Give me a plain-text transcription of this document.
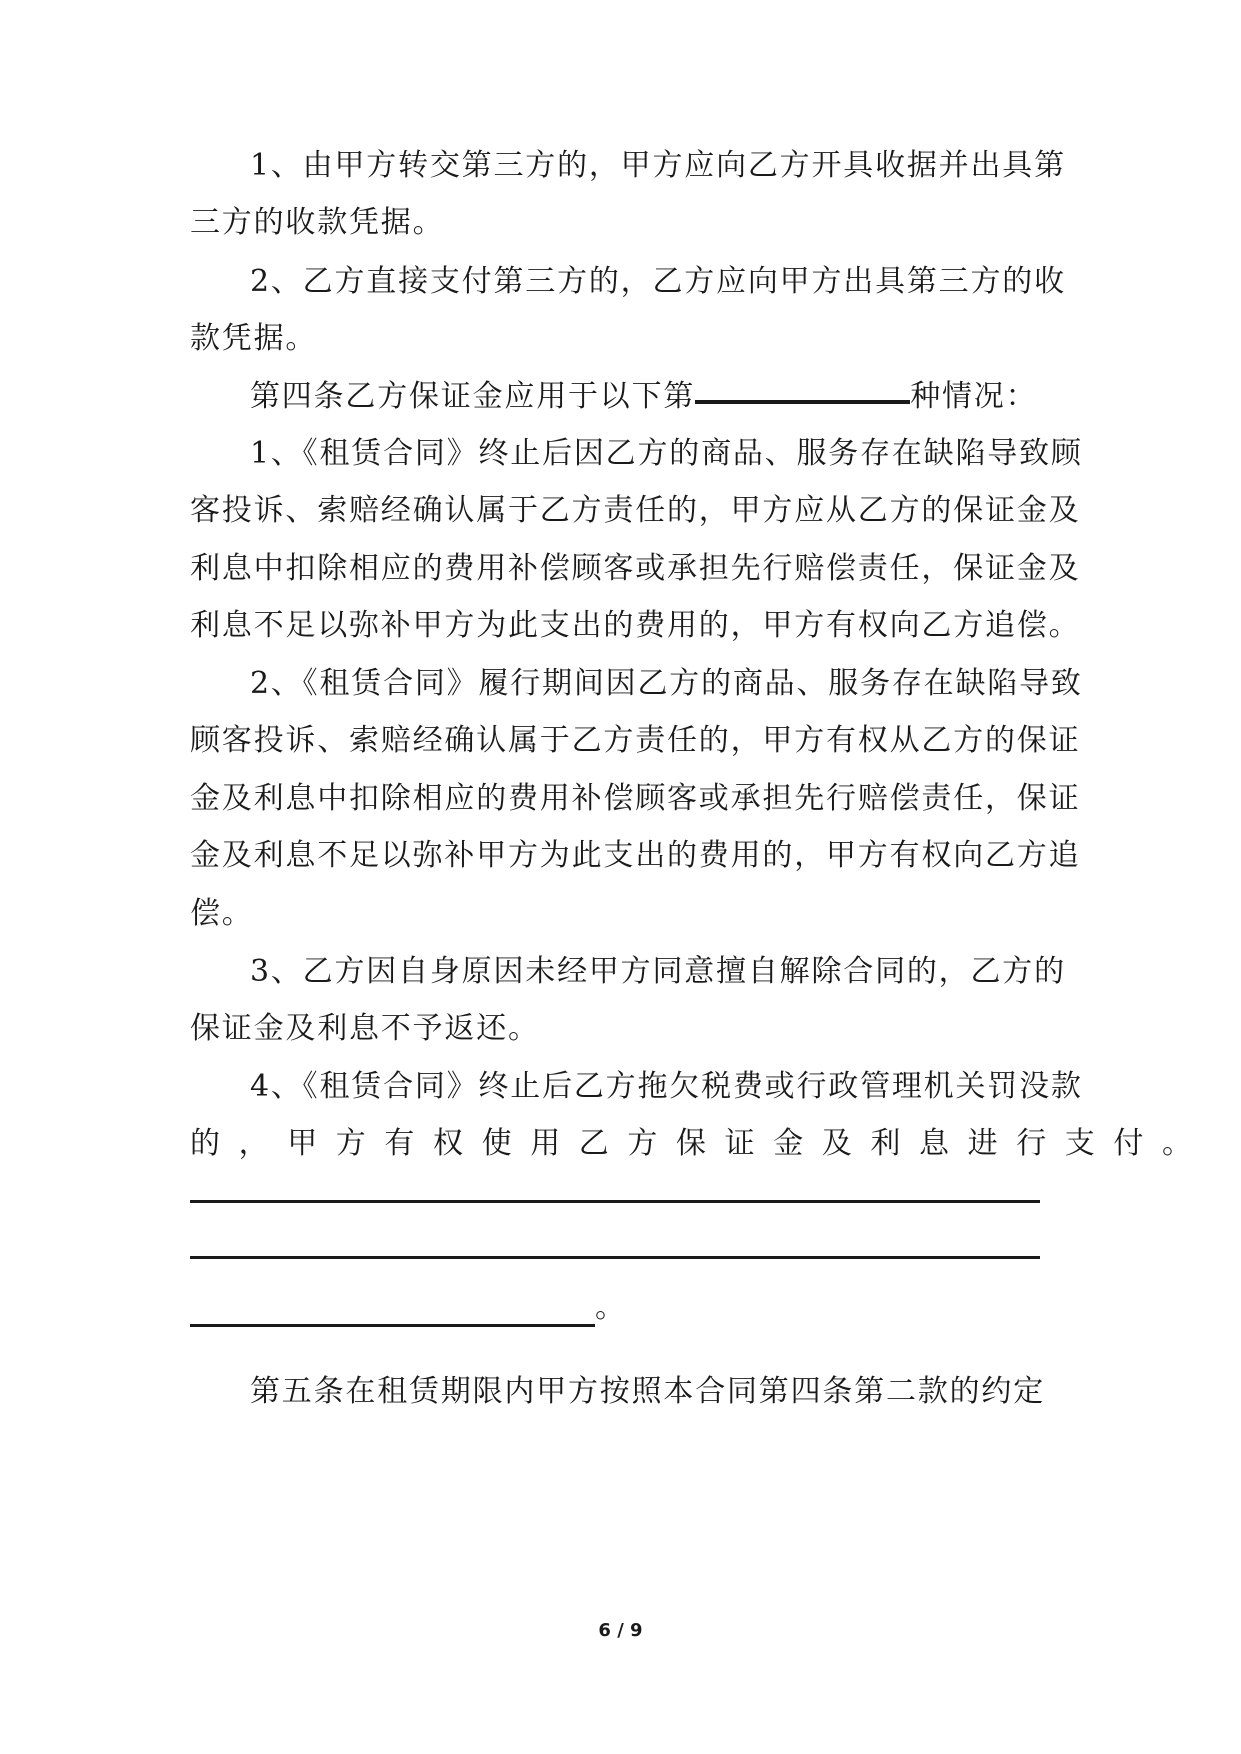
1、由甲方转交第三方的，甲方应向乙方开具收据并出具第
三方的收款凭据。
2、乙方直接支付第三方的，乙方应向甲方出具第三方的收
款凭据。
第四条乙方保证金应用于以下第	种情况：
1、《租赁合同》终止后因乙方的商品、服务存在缺陷导致顾
客投诉、索赔经确认属于乙方责任的，甲方应从乙方的保证金及
利息中扣除相应的费用补偿顾客或承担先行赔偿责任，保证金及
利息不足以弥补甲方为此支出的费用的，甲方有权向乙方追偿。
2、《租赁合同》履行期间因乙方的商品、服务存在缺陷导致
顾客投诉、索赔经确认属于乙方责任的，甲方有权从乙方的保证
金及利息中扣除相应的费用补偿顾客或承担先行赔偿责任，保证
金及利息不足以弥补甲方为此支出的费用的，甲方有权向乙方追
偿。
3、乙方因自身原因未经甲方同意擅自解除合同的，乙方的
保证金及利息不予返还。
4、《租赁合同》终止后乙方拖欠税费或行政管理机关罚没款
的，甲方有权使用乙方保证金及利息进行支付。
。
第五条在租赁期限内甲方按照本合同第四条第二款的约定
6 / 9
